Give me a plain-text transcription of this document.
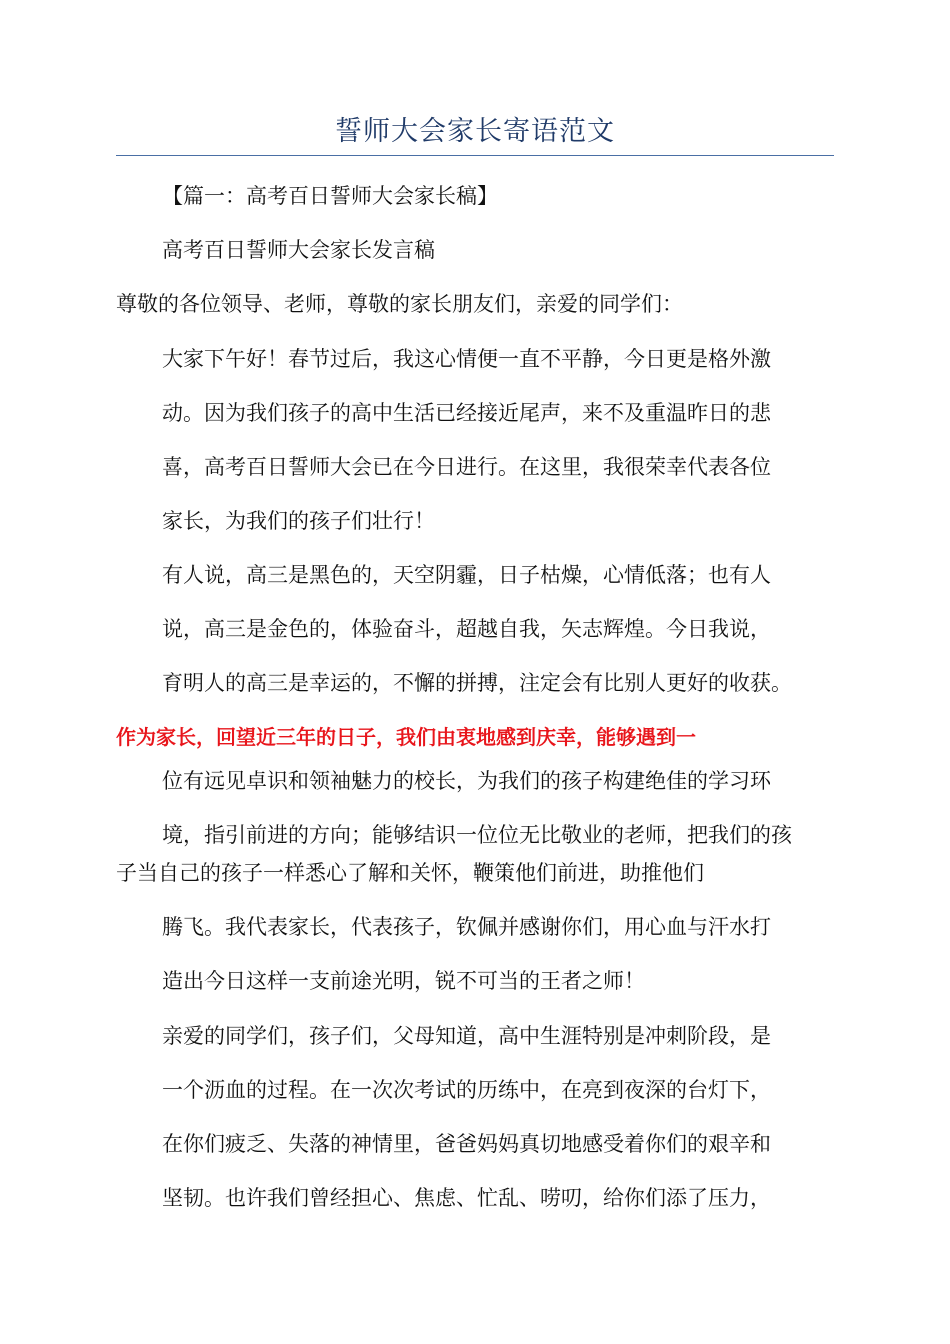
誓师大会家长寄语范文

【篇一：高考百日誓师大会家长稿】

高考百日誓师大会家长发言稿

尊敬的各位领导、老师，尊敬的家长朋友们，亲爱的同学们：

大家下午好！春节过后，我这心情便一直不平静，今日更是格外激

动。因为我们孩子的高中生活已经接近尾声，来不及重温昨日的悲

喜，高考百日誓师大会已在今日进行。在这里，我很荣幸代表各位

家长，为我们的孩子们壮行！

有人说，高三是黑色的，天空阴霾，日子枯燥，心情低落；也有人

说，高三是金色的，体验奋斗，超越自我，矢志辉煌。今日我说，

育明人的高三是幸运的，不懈的拼搏，注定会有比别人更好的收获。

作为家长，回望近三年的日子，我们由衷地感到庆幸，能够遇到一

位有远见卓识和领袖魅力的校长，为我们的孩子构建绝佳的学习环

境，指引前进的方向；能够结识一位位无比敬业的老师，把我们的孩

子当自己的孩子一样悉心了解和关怀，鞭策他们前进，助推他们

腾飞。我代表家长，代表孩子，钦佩并感谢你们，用心血与汗水打

造出今日这样一支前途光明，锐不可当的王者之师！

亲爱的同学们，孩子们，父母知道，高中生涯特别是冲刺阶段，是

一个沥血的过程。在一次次考试的历练中，在亮到夜深的台灯下，

在你们疲乏、失落的神情里，爸爸妈妈真切地感受着你们的艰辛和

坚韧。也许我们曾经担心、焦虑、忙乱、唠叨，给你们添了压力，
